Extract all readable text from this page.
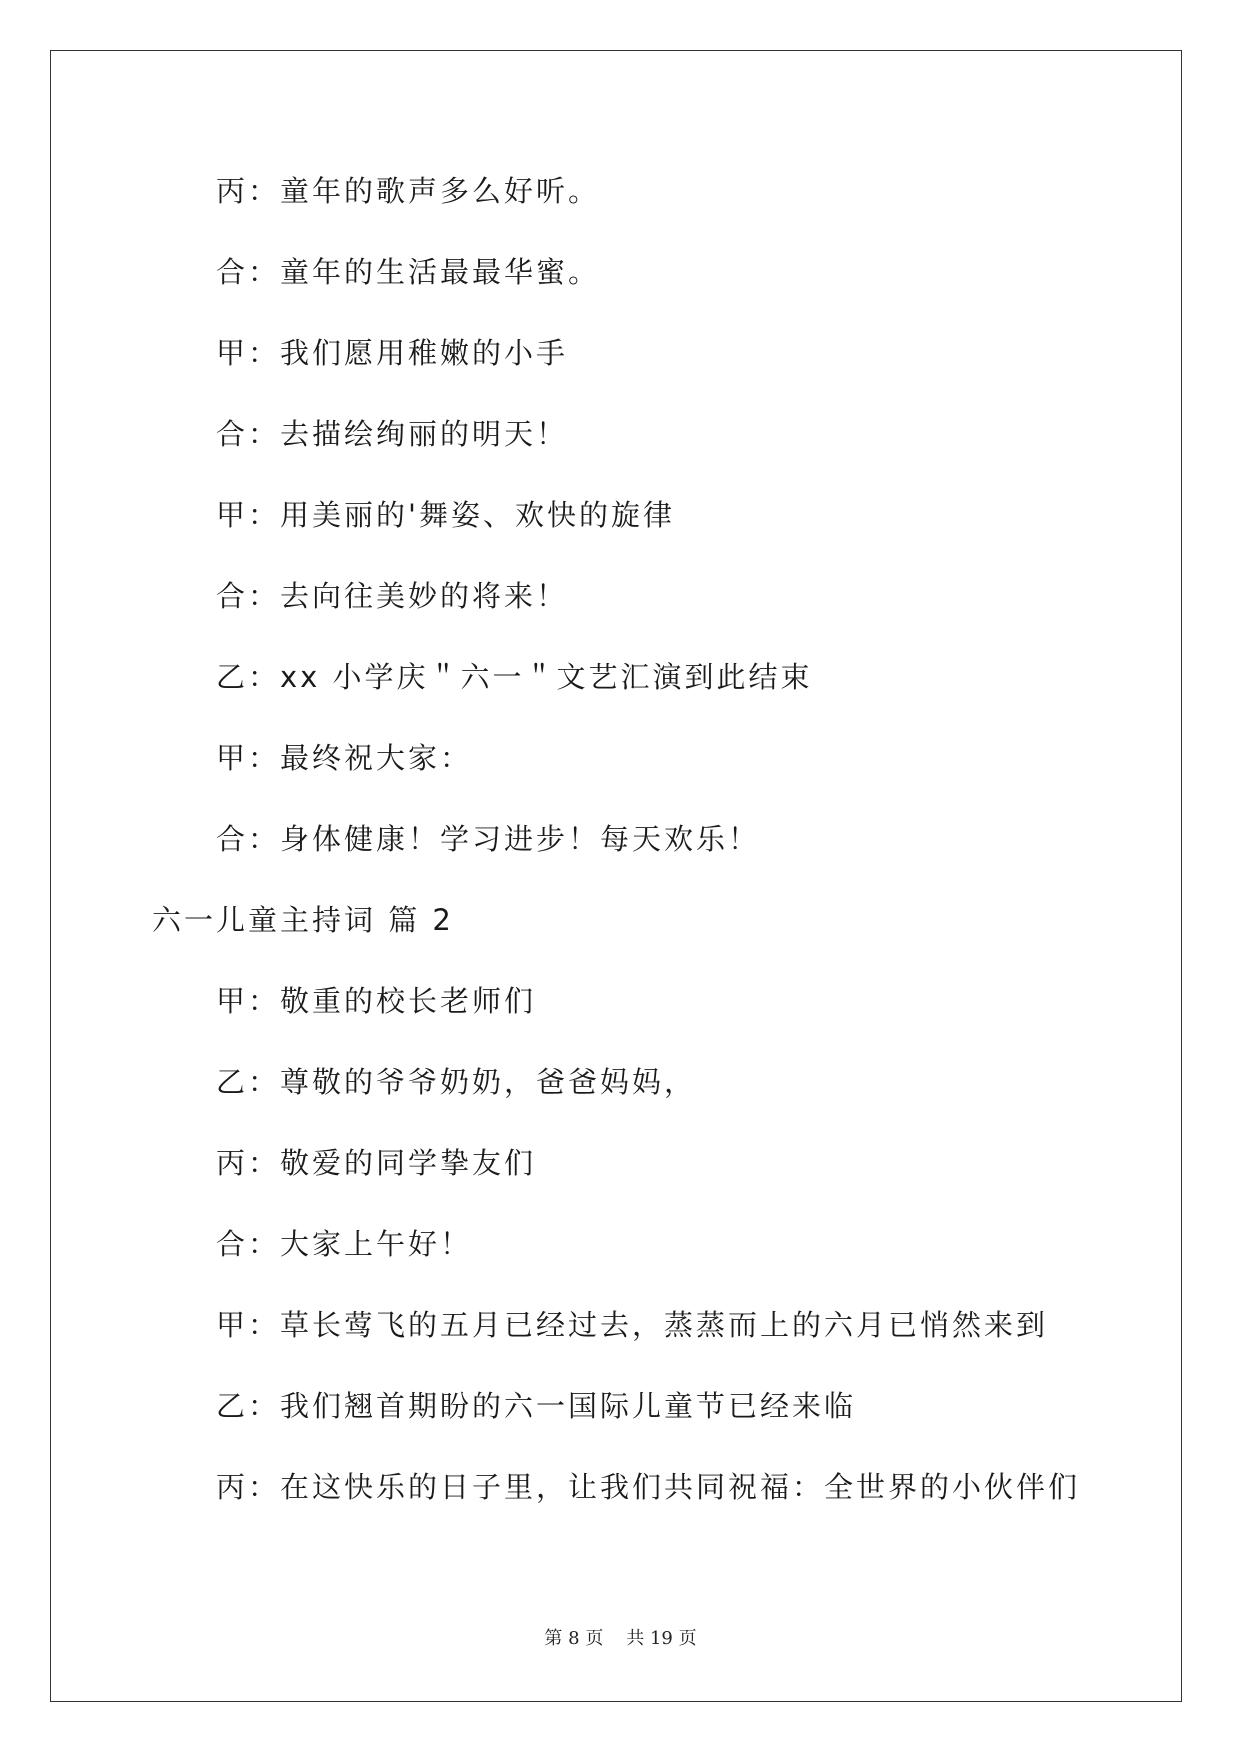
丙：童年的歌声多么好听。
合：童年的生活最最华蜜。
甲：我们愿用稚嫩的小手
合：去描绘绚丽的明天！
甲：用美丽的'舞姿、欢快的旋律
合：去向往美妙的将来！
乙：xx 小学庆＂六一＂文艺汇演到此结束
甲：最终祝大家：
合：身体健康！学习进步！每天欢乐！
六一儿童主持词 篇 2
甲：敬重的校长老师们
乙：尊敬的爷爷奶奶，爸爸妈妈，
丙：敬爱的同学挚友们
合：大家上午好！
甲：草长莺飞的五月已经过去，蒸蒸而上的六月已悄然来到
乙：我们翘首期盼的六一国际儿童节已经来临
丙：在这快乐的日子里，让我们共同祝福：全世界的小伙伴们
第 8 页 共 19 页
